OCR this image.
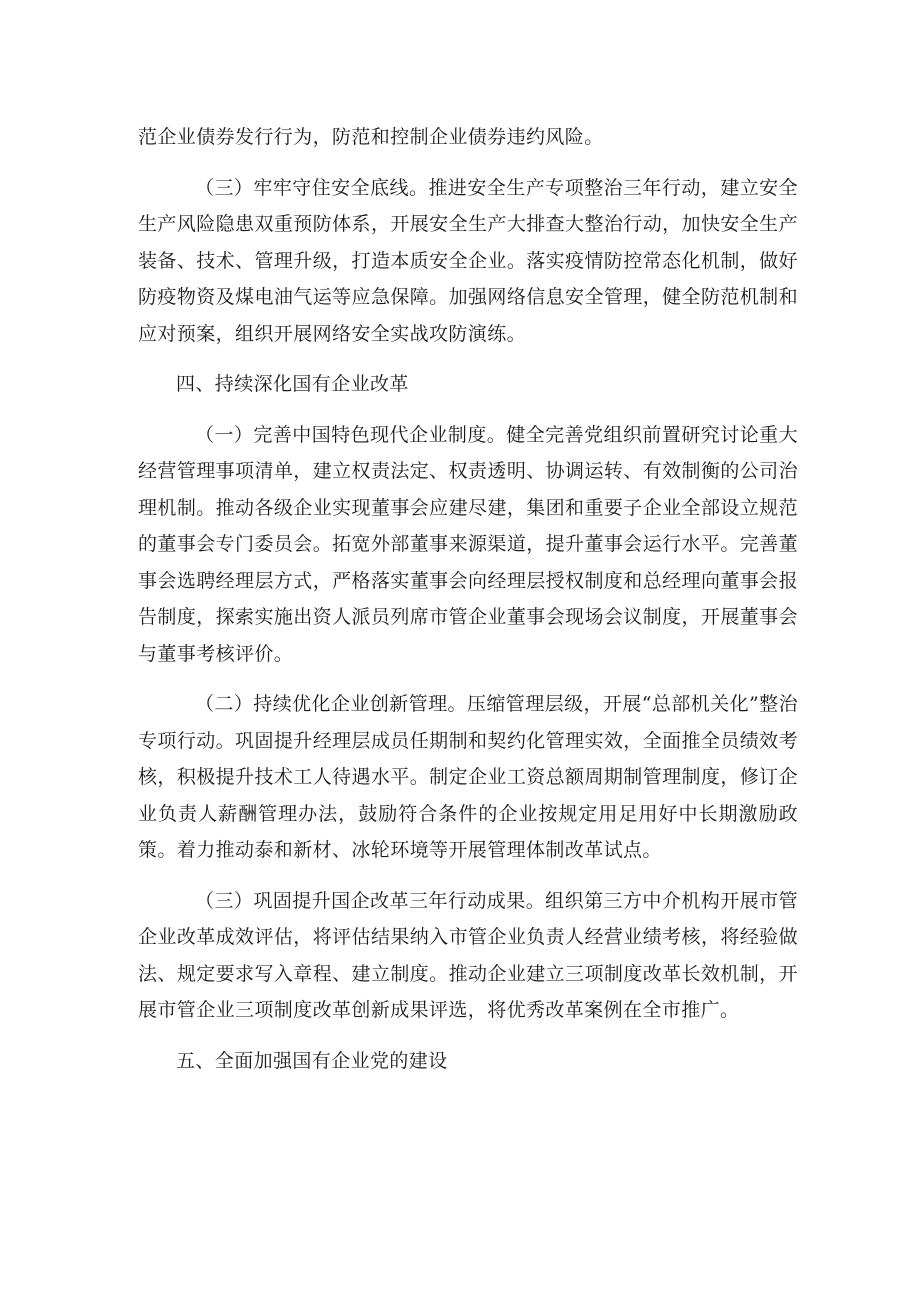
范企业债券发行行为，防范和控制企业债券违约风险。

（三）牢牢守住安全底线。推进安全生产专项整治三年行动，建立安全生产风险隐患双重预防体系，开展安全生产大排查大整治行动，加快安全生产装备、技术、管理升级，打造本质安全企业。落实疫情防控常态化机制，做好防疫物资及煤电油气运等应急保障。加强网络信息安全管理，健全防范机制和应对预案，组织开展网络安全实战攻防演练。

四、持续深化国有企业改革

（一）完善中国特色现代企业制度。健全完善党组织前置研究讨论重大经营管理事项清单，建立权责法定、权责透明、协调运转、有效制衡的公司治理机制。推动各级企业实现董事会应建尽建，集团和重要子企业全部设立规范的董事会专门委员会。拓宽外部董事来源渠道，提升董事会运行水平。完善董事会选聘经理层方式，严格落实董事会向经理层授权制度和总经理向董事会报告制度，探索实施出资人派员列席市管企业董事会现场会议制度，开展董事会与董事考核评价。

（二）持续优化企业创新管理。压缩管理层级，开展“总部机关化”整治专项行动。巩固提升经理层成员任期制和契约化管理实效，全面推全员绩效考核，积极提升技术工人待遇水平。制定企业工资总额周期制管理制度，修订企业负责人薪酬管理办法，鼓励符合条件的企业按规定用足用好中长期激励政策。着力推动泰和新材、冰轮环境等开展管理体制改革试点。

（三）巩固提升国企改革三年行动成果。组织第三方中介机构开展市管企业改革成效评估，将评估结果纳入市管企业负责人经营业绩考核，将经验做法、规定要求写入章程、建立制度。推动企业建立三项制度改革长效机制，开展市管企业三项制度改革创新成果评选，将优秀改革案例在全市推广。

五、全面加强国有企业党的建设
